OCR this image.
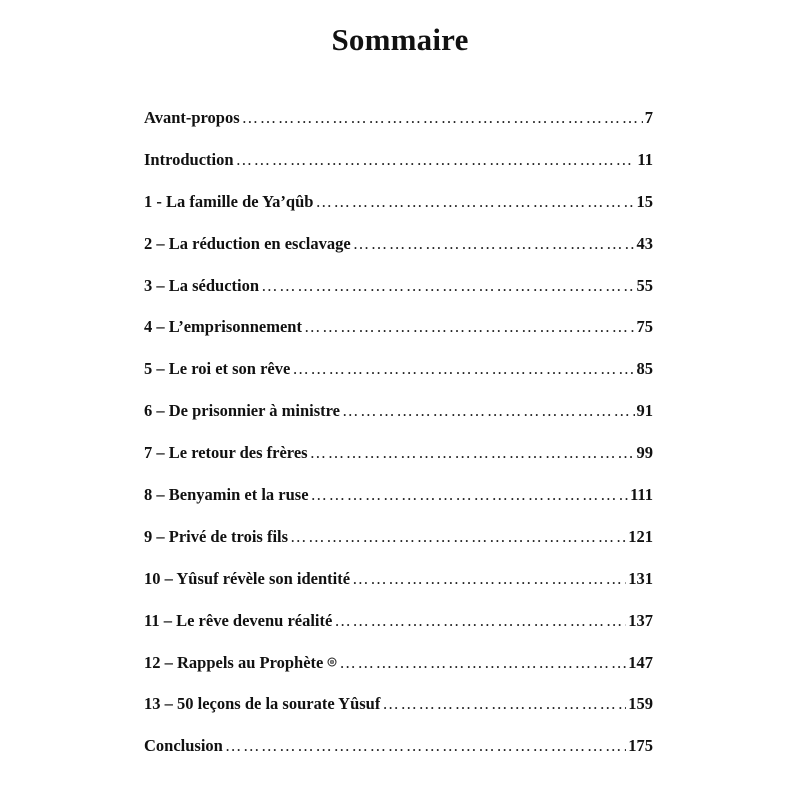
Sommaire
Avant-propos ……………………………………………………………………………………………………………………………………………………………	7
Introduction ……………………………………………………………………………………………………………………………………………………………	11
1 - La famille de Ya’qûb ……………………………………………………………………………………………………………………………………………………………	15
2 – La réduction en esclavage ……………………………………………………………………………………………………………………………………………………………	43
3 – La séduction ……………………………………………………………………………………………………………………………………………………………	55
4 – L’emprisonnement ……………………………………………………………………………………………………………………………………………………………	75
5 – Le roi et son rêve ……………………………………………………………………………………………………………………………………………………………	85
6 – De prisonnier à ministre ……………………………………………………………………………………………………………………………………………………………	91
7 – Le retour des frères ……………………………………………………………………………………………………………………………………………………………	99
8 – Benyamin et la ruse ……………………………………………………………………………………………………………………………………………………………	111
9 – Privé de trois fils ……………………………………………………………………………………………………………………………………………………………	121
10 – Yûsuf révèle son identité ……………………………………………………………………………………………………………………………………………………………	131
11 – Le rêve devenu réalité ……………………………………………………………………………………………………………………………………………………………	137
12 – Rappels au Prophète ……………………………………………………………………………………………………………………………………………………………	147
13 – 50 leçons de la sourate Yûsuf ……………………………………………………………………………………………………………………………………………………………	159
Conclusion ……………………………………………………………………………………………………………………………………………………………	175
